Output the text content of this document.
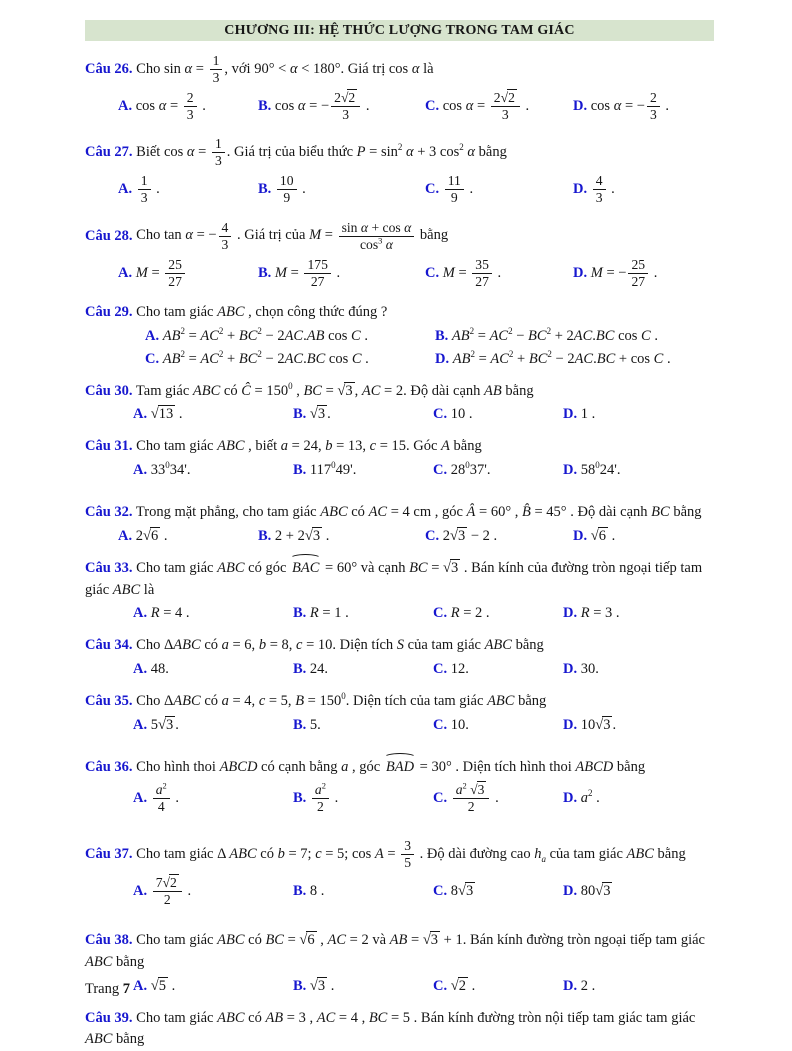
CHƯƠNG III: HỆ THỨC LƯỢNG TRONG TAM GIÁC
Câu 26. Cho $\sin \alpha = \frac{1}{3}$ , với 90° < α < 180°. Giá trị cos α là
A. $\cos \alpha = \frac{2}{3}$ .	B. cos α = − $\frac{2√2}{3}$ .	C. $\cos \alpha = \frac{2√2}{3}$ .	D. cos α = − $\frac{2}{3}$ .
Câu 27. Biết $\cos \alpha = \frac{1}{3}$ . Giá trị của biểu thức $P = \sin^2 \alpha + 3$ $\cos^2 \alpha$ bằng
A. $\frac{1}{3}$ .	B. $\frac{10}{9}$ .	C. $\frac{11}{9}$ .	D. $\frac{4}{3}$ .
Câu 28. Cho tan α = − $\frac{4}{3}$ . Giá trị của $M = \frac{\text{sin α + cos α}}{\cos^3 \alpha}$ bằng
A. $M = \frac{25}{27}$	B. $M = \frac{175}{27}$ .	C. $M = \frac{35}{27}$ .	D. M = − $\frac{25}{27}$ .
Câu 29. Cho tam giác ABC , chọn công thức đúng ?
A. $AB^2 = AC^2 + BC^2 - 2AC.AB$ cos C .	B. $AB^2 = AC^2 - BC^2 + 2AC.BC$ cos C .
C. $AB^2 = AC^2 + BC^2 - 2AC.BC$ cos C .	D. $AB^2 = AC^2 + BC^2 - 2AC.BC + \cos C$ .
Câu 30. Tam giác ABC có Ĉ = $150^0$ , BC = √3 , AC = 2. Độ dài cạnh AB bằng
A. √13 .	B. √3 .	C. 10 .	D. 1 .
Câu 31. Cho tam giác ABC , biết a = 24, b = 13, c = 15. Góc A bằng
A. $33^034'$.	B. $117^049'$.	C. $28^037'$.	D. $58^024'$.
Câu 32. Trong mặt phẳng, cho tam giác ABC có AC = 4 cm , góc Â = 60° , B̂ = 45° . Độ dài cạnh BC bằng
A. 2√6 .	B. 2 + 2√3 .	C. 2√3 − 2 .	D. √6 .
Câu 33. Cho tam giác ABC có góc BAC = 60° và cạnh BC = √3 . Bán kính của đường tròn ngoại tiếp tam
giác ABC là
A. R = 4 .	B. R = 1 .	C. R = 2 .	D. R = 3 .
Câu 34. Cho ΔABC có a = 6, b = 8, c = 10. Diện tích S của tam giác ABC bằng
A. 48.	B. 24.	C. 12.	D. 30.
Câu 35. Cho ΔABC có a = 4, c = 5, $B = 150^0$. Diện tích của tam giác ABC bằng
A. 5√3 .	B. 5.	C. 10.	D. 10√3 .
Câu 36. Cho hình thoi ABCD có cạnh bằng a , góc BAD = 30° . Diện tích hình thoi ABCD bằng
A. $\frac{a^2}{4}$ .	B. $\frac{a^2}{2}$ .	C. $\frac{a^2 √3}{2}$ .	D. $a^2$ .
Câu 37. Cho tam giác Δ ABC có b = 7; c = 5; $\cos A = \frac{3}{5}$ . Độ dài đường cao $h_a$ của tam giác ABC bằng
A. $\frac{7√2}{2}$ .	B. 8 .	C. 8√3	D. 80√3
Câu 38. Cho tam giác ABC có BC = √6 , AC = 2 và AB = √3 + 1. Bán kính đường tròn ngoại tiếp tam giác
ABC bằng
A. √5 .	B. √3 .	C. √2 .	D. 2 .
Câu 39. Cho tam giác ABC có AB = 3 , AC = 4 , BC = 5 . Bán kính đường tròn nội tiếp tam giác tam giác
ABC bằng
Trang 7
